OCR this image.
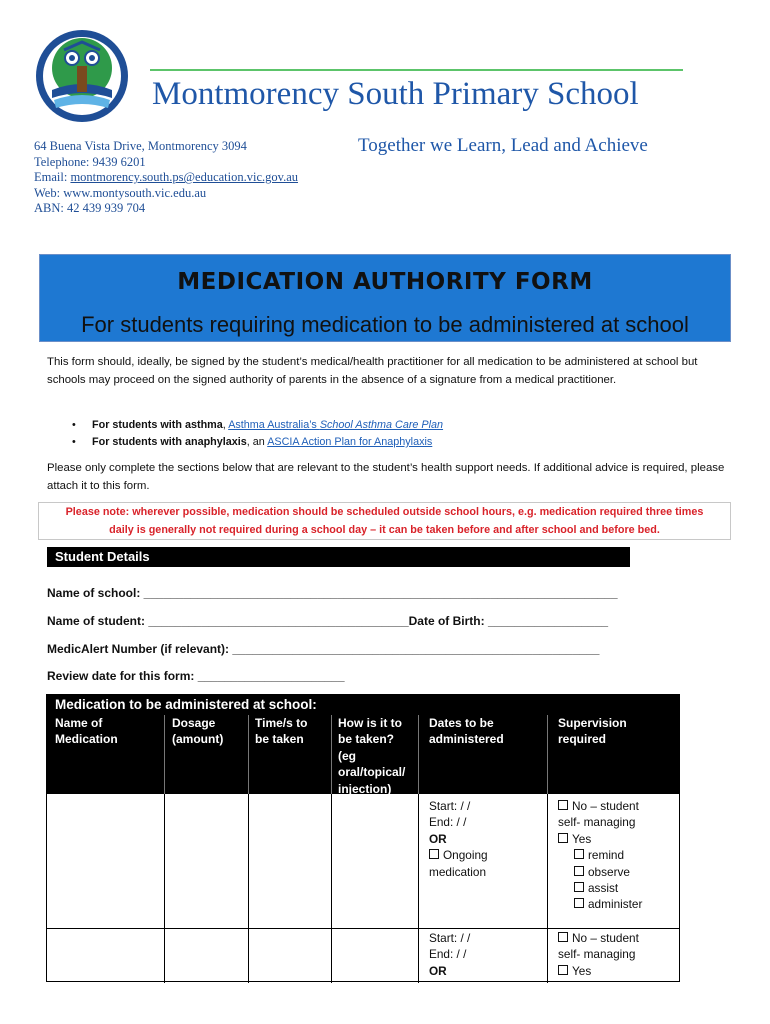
Montmorency South Primary School
64 Buena Vista Drive, Montmorency 3094
Telephone: 9439 6201
Email: montmorency.south.ps@education.vic.gov.au
Web: www.montysouth.vic.edu.au
ABN: 42 439 939 704
Together we Learn, Lead and Achieve
MEDICATION AUTHORITY FORM
For students requiring medication to be administered at school
This form should, ideally, be signed by the student’s medical/health practitioner for all medication to be administered at school but schools may proceed on the signed authority of parents in the absence of a signature from a medical practitioner.
• For students with asthma, Asthma Australia’s School Asthma Care Plan
• For students with anaphylaxis, an ASCIA Action Plan for Anaphylaxis
Please only complete the sections below that are relevant to the student’s health support needs. If additional advice is required, please attach it to this form.
Please note: wherever possible, medication should be scheduled outside school hours, e.g. medication required three times
daily is generally not required during a school day – it can be taken before and after school and before bed.
Student Details
Name of school: _______________________________________________________________________
Name of student: _______________________________________Date of Birth: __________________
MedicAlert Number (if relevant): _______________________________________________________
Review date for this form: ______________________
Medication to be administered at school:
Name of
Medication
Dosage
(amount)
Time/s to
be taken
How is it to
be taken?
(eg
oral/topical/
injection)
Dates to be
administered
Supervision
required
Start: / /
End: / /
OR
Ongoing
medication
No – student
self- managing
Yes
remind
observe
assist
administer
Start: / /
End: / /
OR
No – student
self- managing
Yes
